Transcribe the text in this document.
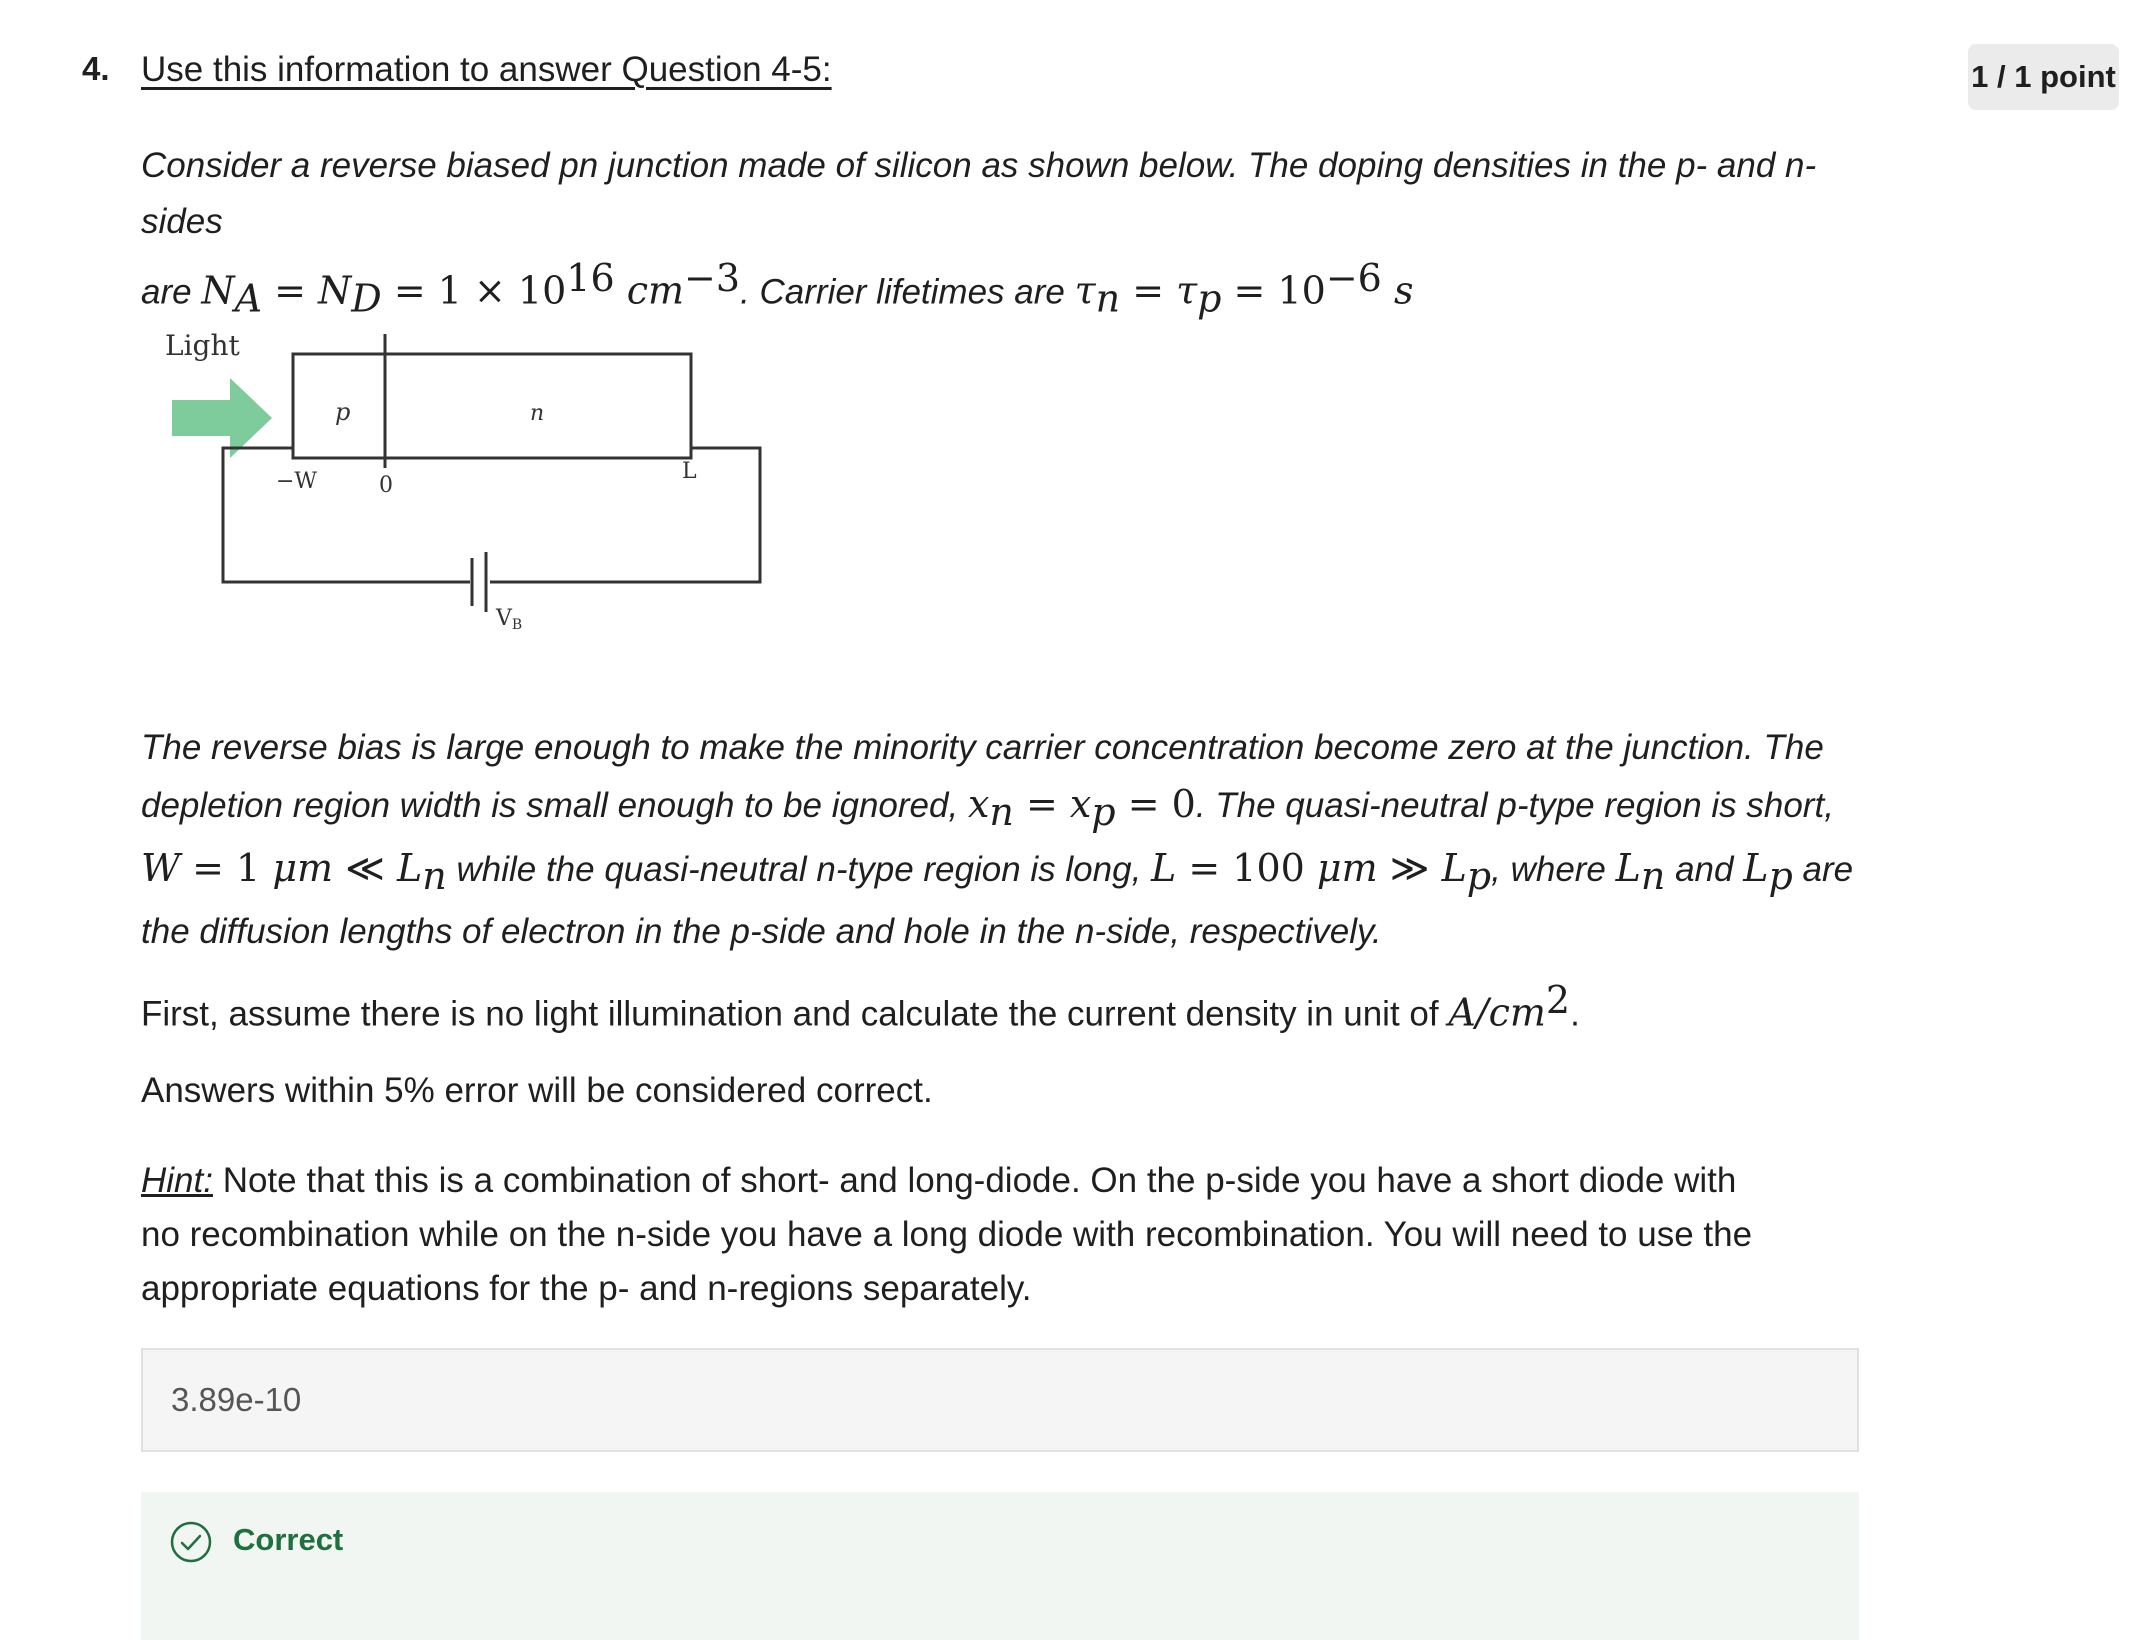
4. Use this information to answer Question 4-5:	1 / 1 point
Consider a reverse biased pn junction made of silicon as shown below. The doping densities in the p- and n-sides
are $N_A = N_D = 1 \times 10^{16}$ $cm^{-3}$. Carrier lifetimes are $\tau_n = \tau_p = 10^{-6}$ s
Light
p	n
−W	0
L
VB
The reverse bias is large enough to make the minority carrier concentration become zero at the junction. The
depletion region width is small enough to be ignored, $x_n = x_p = 0$. The quasi-neutral p-type region is short,
W = 1 μm ≪ $L_n$ while the quasi-neutral n-type region is long, L = 100 μm ≫ $L_p$, where $L_n$ and $L_p$ are
the diffusion lengths of electron in the p-side and hole in the n-side, respectively.
First, assume there is no light illumination and calculate the current density in unit of $A/cm^2$.
Answers within 5% error will be considered correct.
Hint: Note that this is a combination of short- and long-diode. On the p-side you have a short diode with no recombination while on the n-side you have a long diode with recombination. You will need to use the appropriate equations for the p- and n-regions separately.
3.89e-10
Correct
